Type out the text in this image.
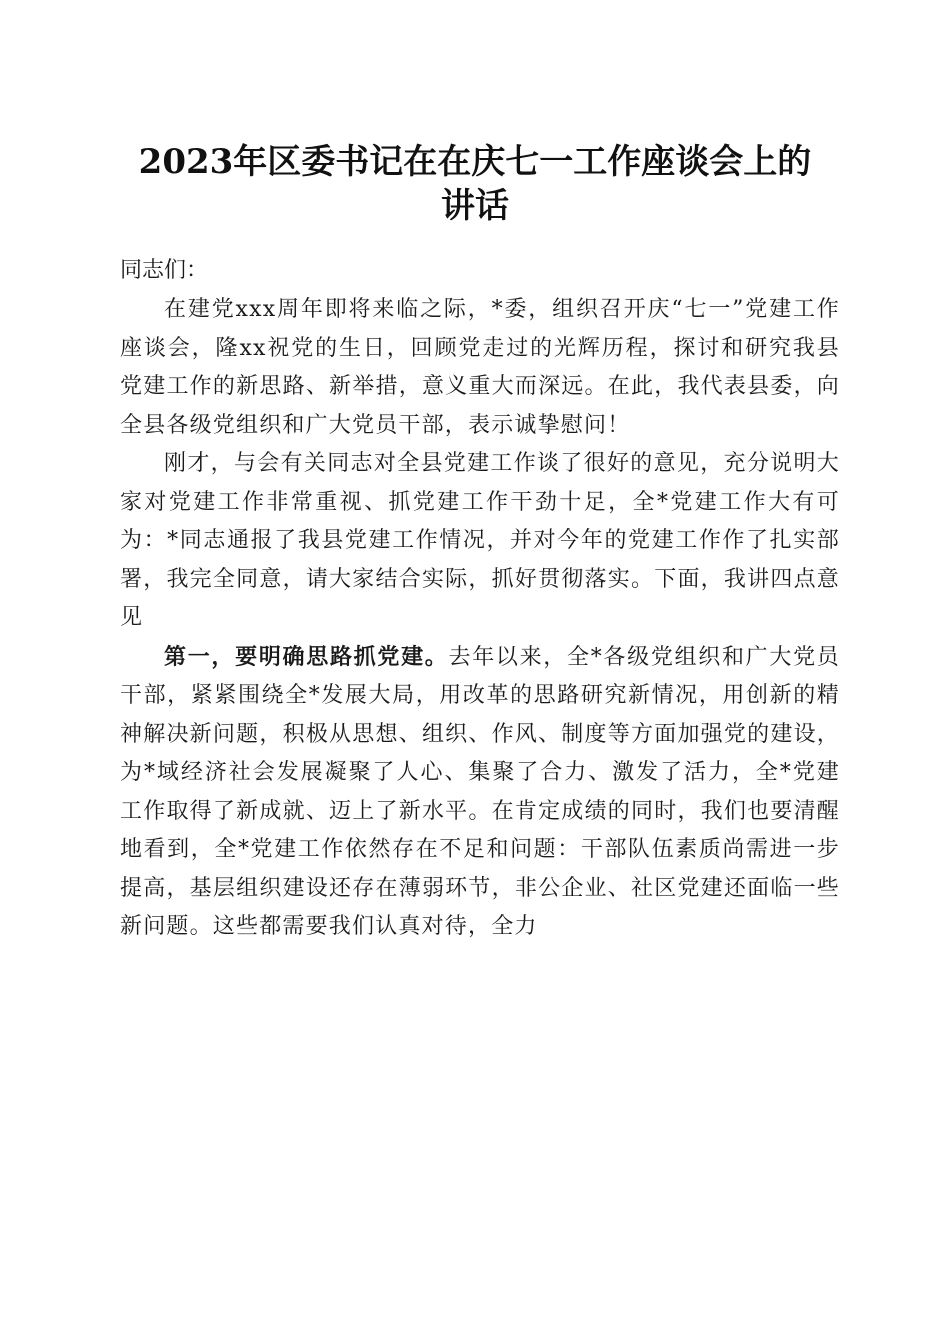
2023年区委书记在在庆七一工作座谈会上的
讲话
同志们：

在建党xxx周年即将来临之际，*委，组织召开庆“七一”党建工作座谈会，隆xx祝党的生日，回顾党走过的光辉历程，探讨和研究我县党建工作的新思路、新举措，意义重大而深远。在此，我代表县委，向全县各级党组织和广大党员干部，表示诚挚慰问！

刚才，与会有关同志对全县党建工作谈了很好的意见，充分说明大家对党建工作非常重视、抓党建工作干劲十足，全*党建工作大有可为：*同志通报了我县党建工作情况，并对今年的党建工作作了扎实部署，我完全同意，请大家结合实际，抓好贯彻落实。下面，我讲四点意见

第一，要明确思路抓党建。去年以来，全*各级党组织和广大党员干部，紧紧围绕全*发展大局，用改革的思路研究新情况，用创新的精神解决新问题，积极从思想、组织、作风、制度等方面加强党的建设，为*域经济社会发展凝聚了人心、集聚了合力、激发了活力，全*党建工作取得了新成就、迈上了新水平。在肯定成绩的同时，我们也要清醒地看到，全*党建工作依然存在不足和问题：干部队伍素质尚需进一步提高，基层组织建设还存在薄弱环节，非公企业、社区党建还面临一些新问题。这些都需要我们认真对待，全力
